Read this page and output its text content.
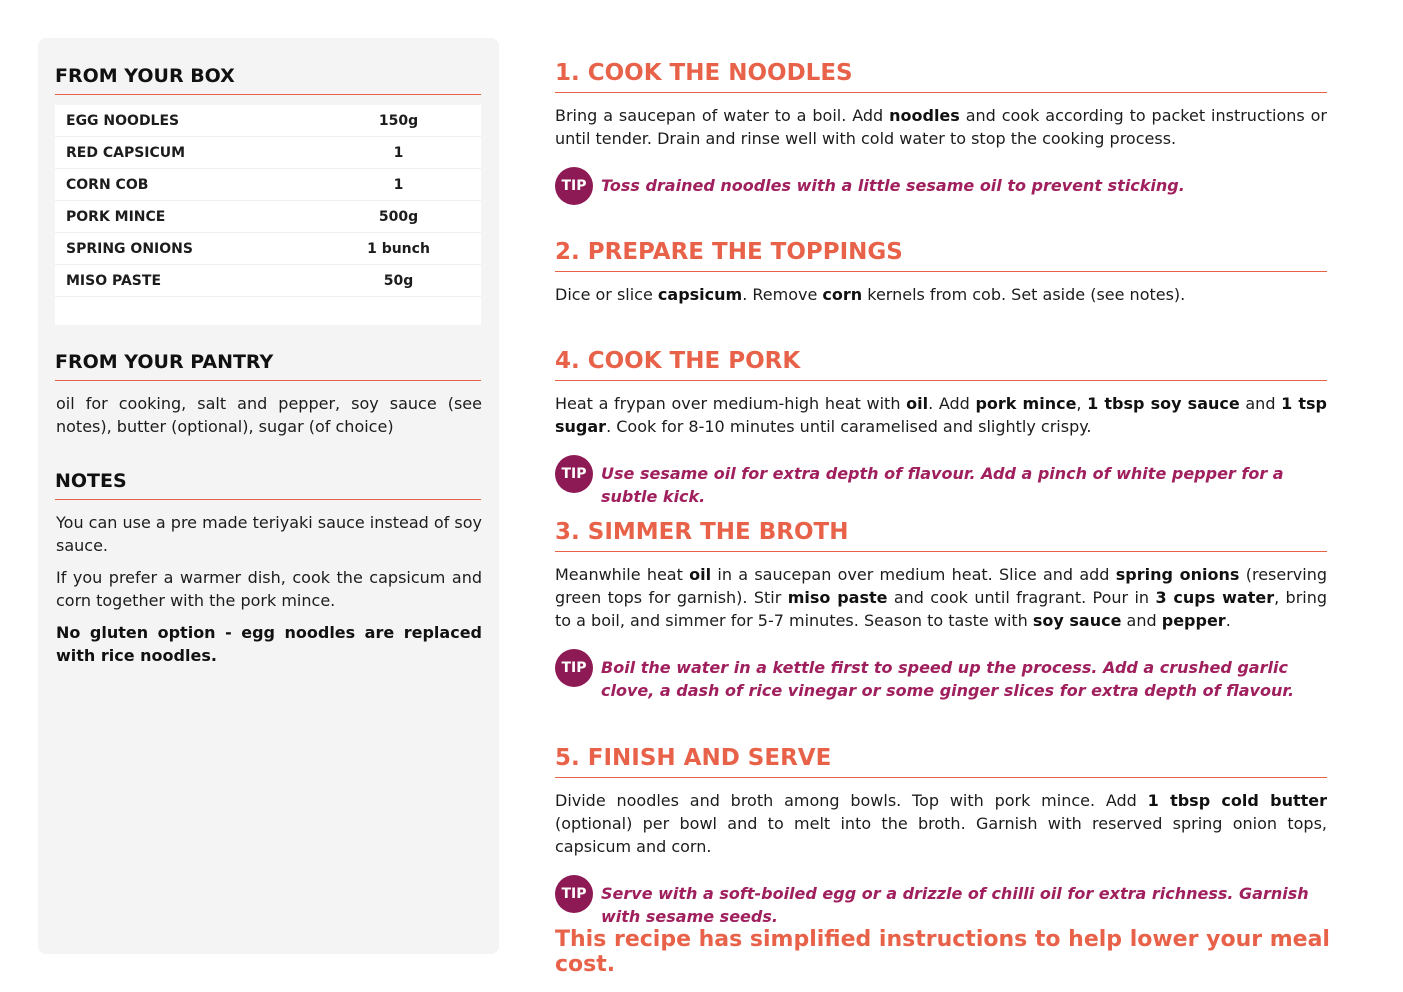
FROM YOUR BOX
EGG NOODLES	150g
RED CAPSICUM	1
CORN COB	1
PORK MINCE	500g
SPRING ONIONS	1 bunch
MISO PASTE	50g
FROM YOUR PANTRY
oil for cooking, salt and pepper, soy sauce (see notes), butter (optional), sugar (of choice)
NOTES

You can use a pre made teriyaki sauce instead of soy sauce.

If you prefer a warmer dish, cook the capsicum and corn together with the pork mince.

No gluten option - egg noodles are replaced with rice noodles.

1. COOK THE NOODLES
Bring a saucepan of water to a boil. Add noodles and cook according to packet instructions or until tender. Drain and rinse well with cold water to stop the cooking process.
TIP Toss drained noodles with a little sesame oil to prevent sticking.
2. PREPARE THE TOPPINGS
Dice or slice capsicum. Remove corn kernels from cob. Set aside (see notes).
4. COOK THE PORK
Heat a frypan over medium-high heat with oil. Add pork mince, 1 tbsp soy sauce and 1 tsp sugar. Cook for 8-10 minutes until caramelised and slightly crispy.
TIP Use sesame oil for extra depth of flavour. Add a pinch of white pepper for a subtle kick.
3. SIMMER THE BROTH
Meanwhile heat oil in a saucepan over medium heat. Slice and add spring onions (reserving green tops for garnish). Stir miso paste and cook until fragrant. Pour in 3 cups water, bring to a boil, and simmer for 5-7 minutes. Season to taste with soy sauce and pepper.
TIP Boil the water in a kettle first to speed up the process. Add a crushed garlic clove, a dash of rice vinegar or some ginger slices for extra depth of flavour.
5. FINISH AND SERVE
Divide noodles and broth among bowls. Top with pork mince. Add 1 tbsp cold butter (optional) per bowl and to melt into the broth. Garnish with reserved spring onion tops, capsicum and corn.
TIP Serve with a soft-boiled egg or a drizzle of chilli oil for extra richness. Garnish with sesame seeds.
This recipe has simplified instructions to help lower your meal cost.
